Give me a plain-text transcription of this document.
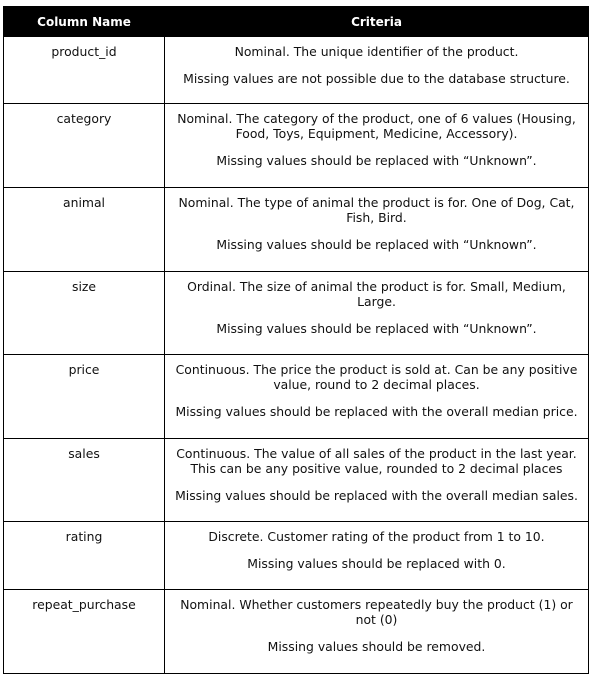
Column Name	Criteria
product_id	Nominal. The unique identifier of the product.

Missing values are not possible due to the database structure.

category	Nominal. The category of the product, one of 6 values (Housing, Food, Toys, Equipment, Medicine, Accessory).

Missing values should be replaced with “Unknown”.

animal	Nominal. The type of animal the product is for. One of Dog, Cat, Fish, Bird.

Missing values should be replaced with “Unknown”.

size	Ordinal. The size of animal the product is for. Small, Medium, Large.

Missing values should be replaced with “Unknown”.

price	Continuous. The price the product is sold at. Can be any positive value, round to 2 decimal places.

Missing values should be replaced with the overall median price.

sales	Continuous. The value of all sales of the product in the last year. This can be any positive value, rounded to 2 decimal places

Missing values should be replaced with the overall median sales.

rating	Discrete. Customer rating of the product from 1 to 10.

Missing values should be replaced with 0.

repeat_purchase	Nominal. Whether customers repeatedly buy the product (1) or not (0)

Missing values should be removed.
